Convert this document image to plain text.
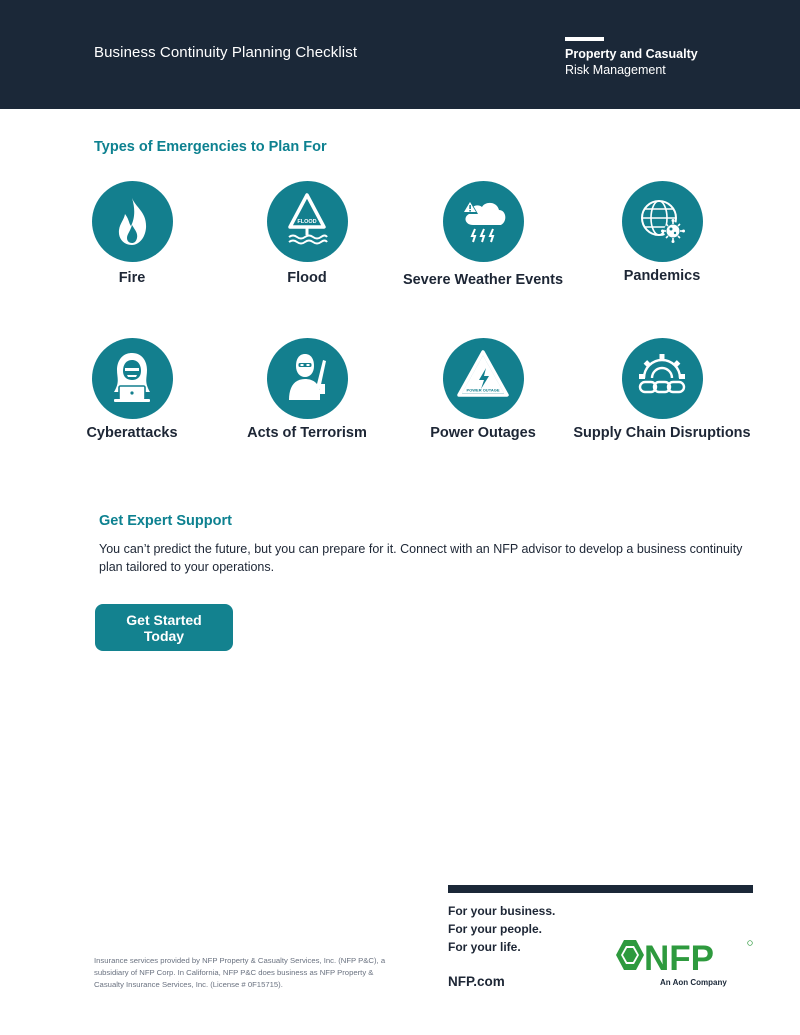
Business Continuity Planning Checklist	Property and Casualty
Risk Management
Types of Emergencies to Plan For
Fire
FLOOD
Flood	Severe Weather Events	Pandemics
Cyberattacks	Acts of Terrorism
POWER OUTAGE
Power Outages	Supply Chain Disruptions
Get Expert Support
You can’t predict the future, but you can prepare for it. Connect with an NFP advisor to develop a business continuity plan tailored to your operations.
Get Started Today
For your business.
For your people.
For your life.
NFP.com
Insurance services provided by NFP Property & Casualty Services, Inc. (NFP P&C), a subsidiary of NFP Corp. In California, NFP P&C does business as NFP Property & Casualty Insurance Services, Inc. (License # 0F15715).
NFP
An Aon Company
